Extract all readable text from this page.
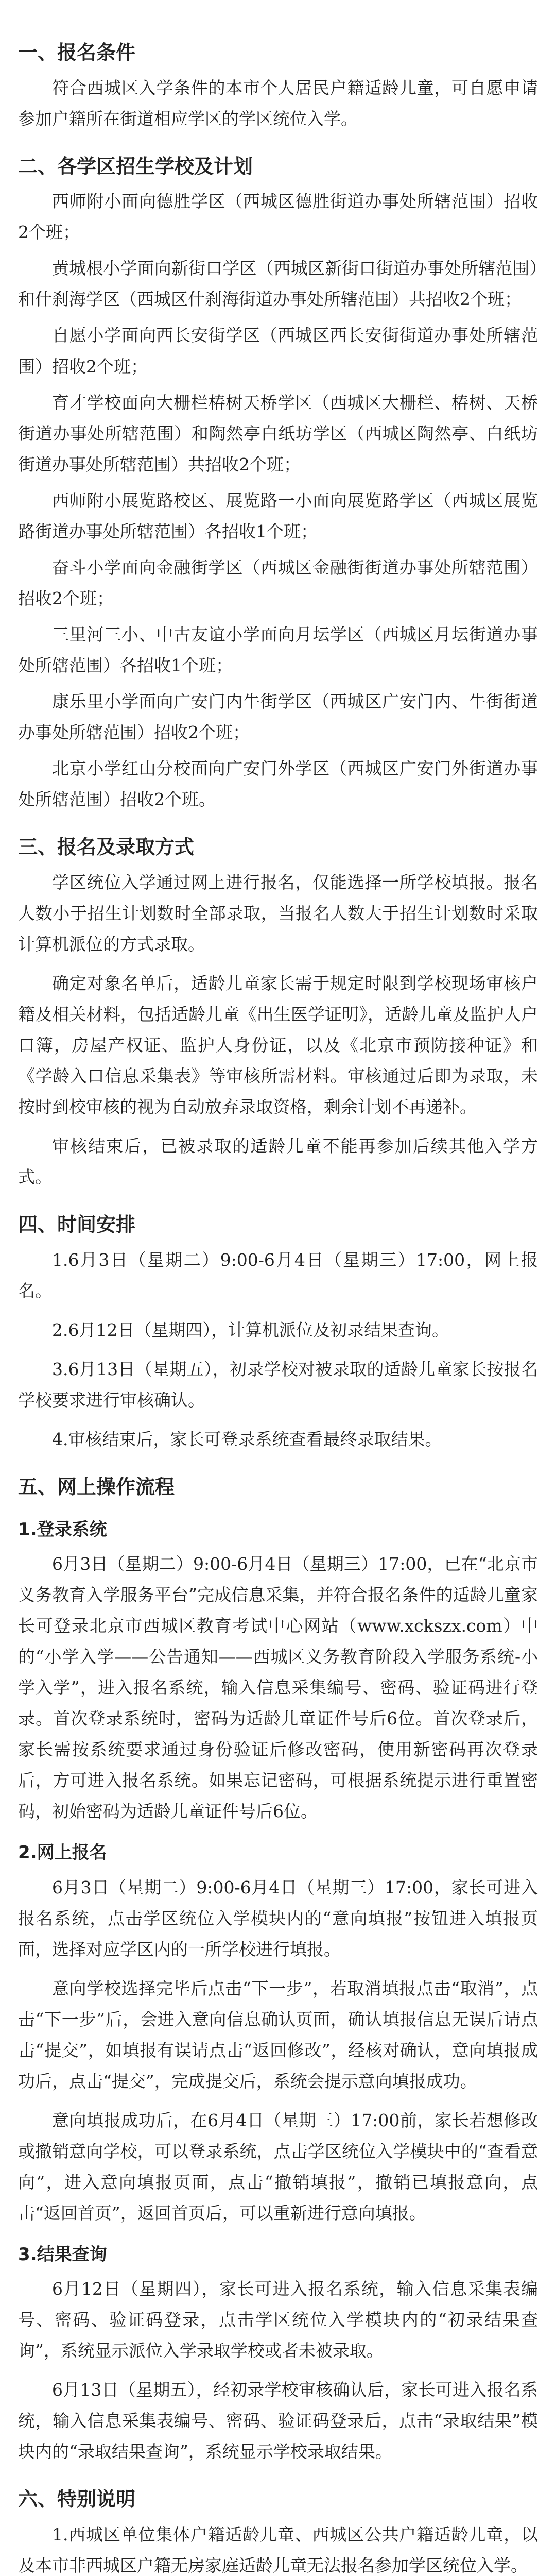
一、报名条件
符合西城区入学条件的本市个人居民户籍适龄儿童，可自愿申请参加户籍所在街道相应学区的学区统位入学。
二、各学区招生学校及计划
西师附小面向德胜学区（西城区德胜街道办事处所辖范围）招收2个班；
黄城根小学面向新街口学区（西城区新街口街道办事处所辖范围）和什刹海学区（西城区什刹海街道办事处所辖范围）共招收2个班；
自愿小学面向西长安街学区（西城区西长安街街道办事处所辖范围）招收2个班；
育才学校面向大栅栏椿树天桥学区（西城区大栅栏、椿树、天桥街道办事处所辖范围）和陶然亭白纸坊学区（西城区陶然亭、白纸坊街道办事处所辖范围）共招收2个班；
西师附小展览路校区、展览路一小面向展览路学区（西城区展览路街道办事处所辖范围）各招收1个班；
奋斗小学面向金融街学区（西城区金融街街道办事处所辖范围）招收2个班；
三里河三小、中古友谊小学面向月坛学区（西城区月坛街道办事处所辖范围）各招收1个班；
康乐里小学面向广安门内牛街学区（西城区广安门内、牛街街道办事处所辖范围）招收2个班；
北京小学红山分校面向广安门外学区（西城区广安门外街道办事处所辖范围）招收2个班。
三、报名及录取方式
学区统位入学通过网上进行报名，仅能选择一所学校填报。报名人数小于招生计划数时全部录取，当报名人数大于招生计划数时采取计算机派位的方式录取。
确定对象名单后，适龄儿童家长需于规定时限到学校现场审核户籍及相关材料，包括适龄儿童《出生医学证明》，适龄儿童及监护人户口簿，房屋产权证、监护人身份证，以及《北京市预防接种证》和《学龄入口信息采集表》等审核所需材料。审核通过后即为录取，未按时到校审核的视为自动放弃录取资格，剩余计划不再递补。
审核结束后，已被录取的适龄儿童不能再参加后续其他入学方式。
四、时间安排
1.6月3日（星期二）9:00-6月4日（星期三）17:00，网上报名。
2.6月12日（星期四），计算机派位及初录结果查询。
3.6月13日（星期五），初录学校对被录取的适龄儿童家长按报名学校要求进行审核确认。
4.审核结束后，家长可登录系统查看最终录取结果。
五、网上操作流程
1.登录系统
6月3日（星期二）9:00-6月4日（星期三）17:00，已在“北京市义务教育入学服务平台”完成信息采集，并符合报名条件的适龄儿童家长可登录北京市西城区教育考试中心网站（www.xckszx.com）中的“小学入学——公告通知——西城区义务教育阶段入学服务系统-小学入学”，进入报名系统，输入信息采集编号、密码、验证码进行登录。首次登录系统时，密码为适龄儿童证件号后6位。首次登录后，家长需按系统要求通过身份验证后修改密码，使用新密码再次登录后，方可进入报名系统。如果忘记密码，可根据系统提示进行重置密码，初始密码为适龄儿童证件号后6位。
2.网上报名
6月3日（星期二）9:00-6月4日（星期三）17:00，家长可进入报名系统，点击学区统位入学模块内的“意向填报”按钮进入填报页面，选择对应学区内的一所学校进行填报。
意向学校选择完毕后点击“下一步”，若取消填报点击“取消”，点击“下一步”后，会进入意向信息确认页面，确认填报信息无误后请点击“提交”，如填报有误请点击“返回修改”，经核对确认，意向填报成功后，点击“提交”，完成提交后，系统会提示意向填报成功。
意向填报成功后，在6月4日（星期三）17:00前，家长若想修改或撤销意向学校，可以登录系统，点击学区统位入学模块中的“查看意向”，进入意向填报页面，点击“撤销填报”，撤销已填报意向，点击“返回首页”，返回首页后，可以重新进行意向填报。
3.结果查询
6月12日（星期四），家长可进入报名系统，输入信息采集表编号、密码、验证码登录，点击学区统位入学模块内的“初录结果查询”，系统显示派位入学录取学校或者未被录取。
6月13日（星期五），经初录学校审核确认后，家长可进入报名系统，输入信息采集表编号、密码、验证码登录后，点击“录取结果”模块内的“录取结果查询”，系统显示学校录取结果。
六、特别说明
1.西城区单位集体户籍适龄儿童、西城区公共户籍适龄儿童，以及本市非西城区户籍无房家庭适龄儿童无法报名参加学区统位入学。
